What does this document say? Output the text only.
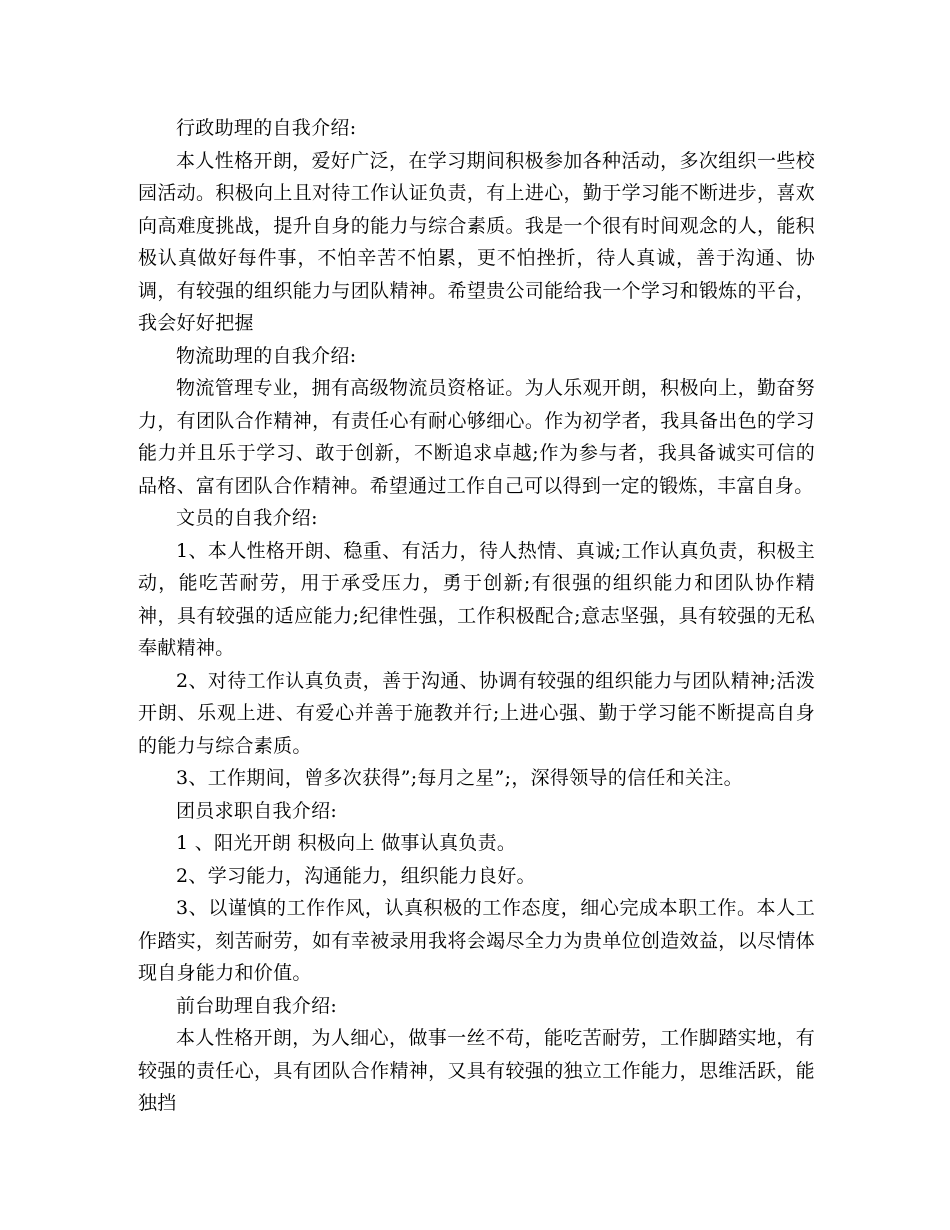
行政助理的自我介绍:

本人性格开朗，爱好广泛，在学习期间积极参加各种活动，多次组织一些校园活动。积极向上且对待工作认证负责，有上进心，勤于学习能不断进步，喜欢向高难度挑战，提升自身的能力与综合素质。我是一个很有时间观念的人，能积极认真做好每件事，不怕辛苦不怕累，更不怕挫折，待人真诚，善于沟通、协调，有较强的组织能力与团队精神。希望贵公司能给我一个学习和锻炼的平台，我会好好把握

物流助理的自我介绍:

物流管理专业，拥有高级物流员资格证。为人乐观开朗，积极向上，勤奋努力，有团队合作精神，有责任心有耐心够细心。作为初学者，我具备出色的学习能力并且乐于学习、敢于创新，不断追求卓越;作为参与者，我具备诚实可信的品格、富有团队合作精神。希望通过工作自己可以得到一定的锻炼，丰富自身。

文员的自我介绍:

1、本人性格开朗、稳重、有活力，待人热情、真诚;工作认真负责，积极主动，能吃苦耐劳，用于承受压力，勇于创新;有很强的组织能力和团队协作精神，具有较强的适应能力;纪律性强，工作积极配合;意志坚强，具有较强的无私奉献精神。

2、对待工作认真负责，善于沟通、协调有较强的组织能力与团队精神;活泼开朗、乐观上进、有爱心并善于施教并行;上进心强、勤于学习能不断提高自身的能力与综合素质。

3、工作期间，曾多次获得”;每月之星”;，深得领导的信任和关注。

团员求职自我介绍:

1 、阳光开朗 积极向上 做事认真负责。

2、学习能力，沟通能力，组织能力良好。

3、以谨慎的工作作风，认真积极的工作态度，细心完成本职工作。本人工作踏实，刻苦耐劳，如有幸被录用我将会竭尽全力为贵单位创造效益，以尽情体现自身能力和价值。

前台助理自我介绍:

本人性格开朗，为人细心，做事一丝不苟，能吃苦耐劳，工作脚踏实地，有较强的责任心，具有团队合作精神，又具有较强的独立工作能力，思维活跃，能独挡
